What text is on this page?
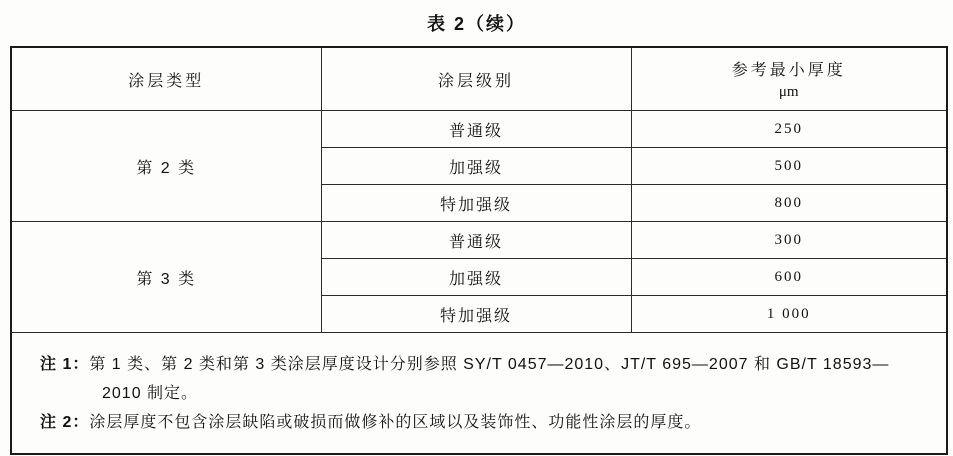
表 2（续）
涂层类型	涂层级别	参考最小厚度
μm

第 2 类	普通级	250
	加强级	500
	特加强级	800
第 3 类	普通级	300
	加强级	600
	特加强级	1 000

注 1：第 1 类、第 2 类和第 3 类涂层厚度设计分别参照 SY/T 0457—2010、JT/T 695—2007 和 GB/T 18593—2010 制定。
注 2：涂层厚度不包含涂层缺陷或破损而做修补的区域以及装饰性、功能性涂层的厚度。		
